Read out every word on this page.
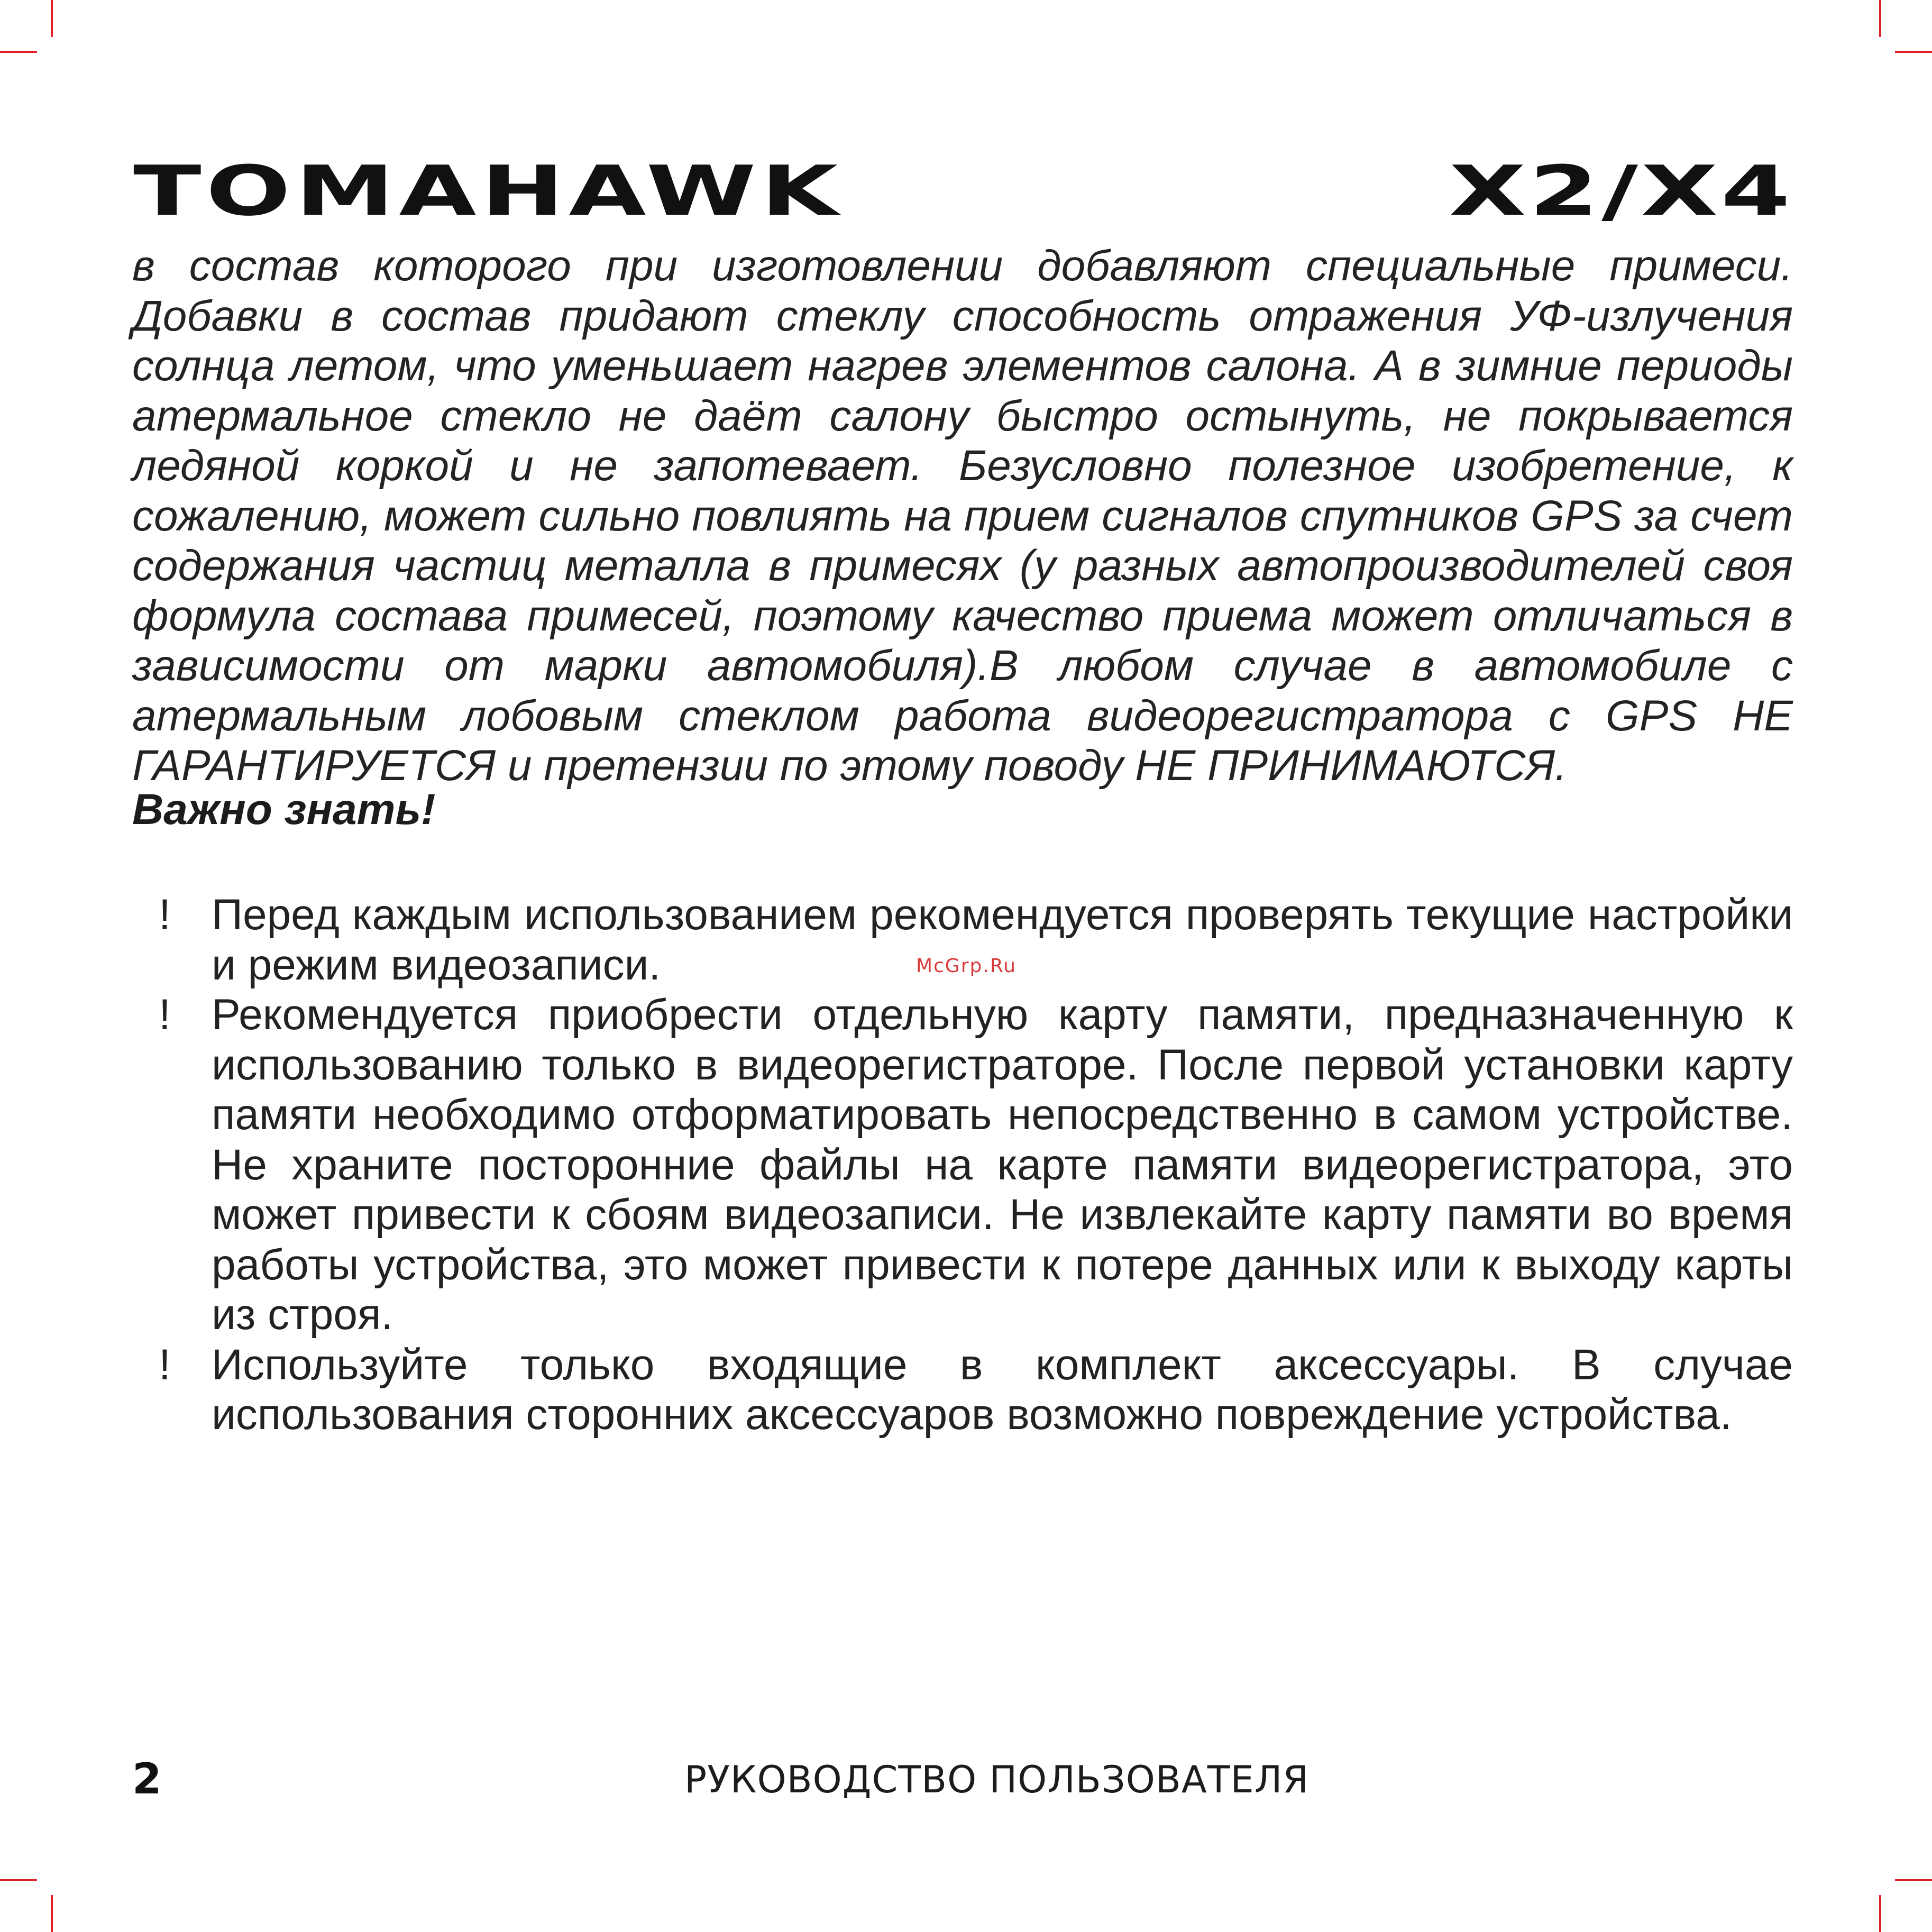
TOMAHAWK	X2/X4

в состав которого при изготовлении добавляют специальные примеси. Добавки в состав придают стеклу способность отражения УФ-излучения солнца летом, что уменьшает нагрев элементов салона. А в зимние периоды атермальное стекло не даёт салону быстро остынуть, не покрывается ледяной коркой и не запотевает. Безусловно полезное изобретение, к сожалению, может сильно повлиять на прием сигналов спутников GPS за счет содержания частиц металла в примесях (у разных автопроизводителей своя формула состава примесей, поэтому качество приема может отличаться в зависимости от марки автомобиля).В любом случае в автомобиле с атермальным лобовым стеклом работа видеорегистратора с GPS НЕ ГАРАНТИРУЕТСЯ и претензии по этому поводу НЕ ПРИНИМАЮТСЯ.

Важно знать!
! Перед каждым использованием рекомендуется проверять текущие настройки и режим видеозаписи.
! Рекомендуется приобрести отдельную карту памяти, предназначенную к использованию только в видеорегистраторе. После первой установки карту памяти необходимо отформатировать непосредственно в самом устройстве. Не храните посторонние файлы на карте памяти видеорегистратора, это может привести к сбоям видеозаписи. Не извлекайте карту памяти во время работы устройства, это может привести к потере данных или к выходу карты из строя.
! Используйте только входящие в комплект аксессуары. В случае использования сторонних аксессуаров возможно повреждение устройства.
McGrp.Ru
2	РУКОВОДСТВО ПОЛЬЗОВАТЕЛЯ
